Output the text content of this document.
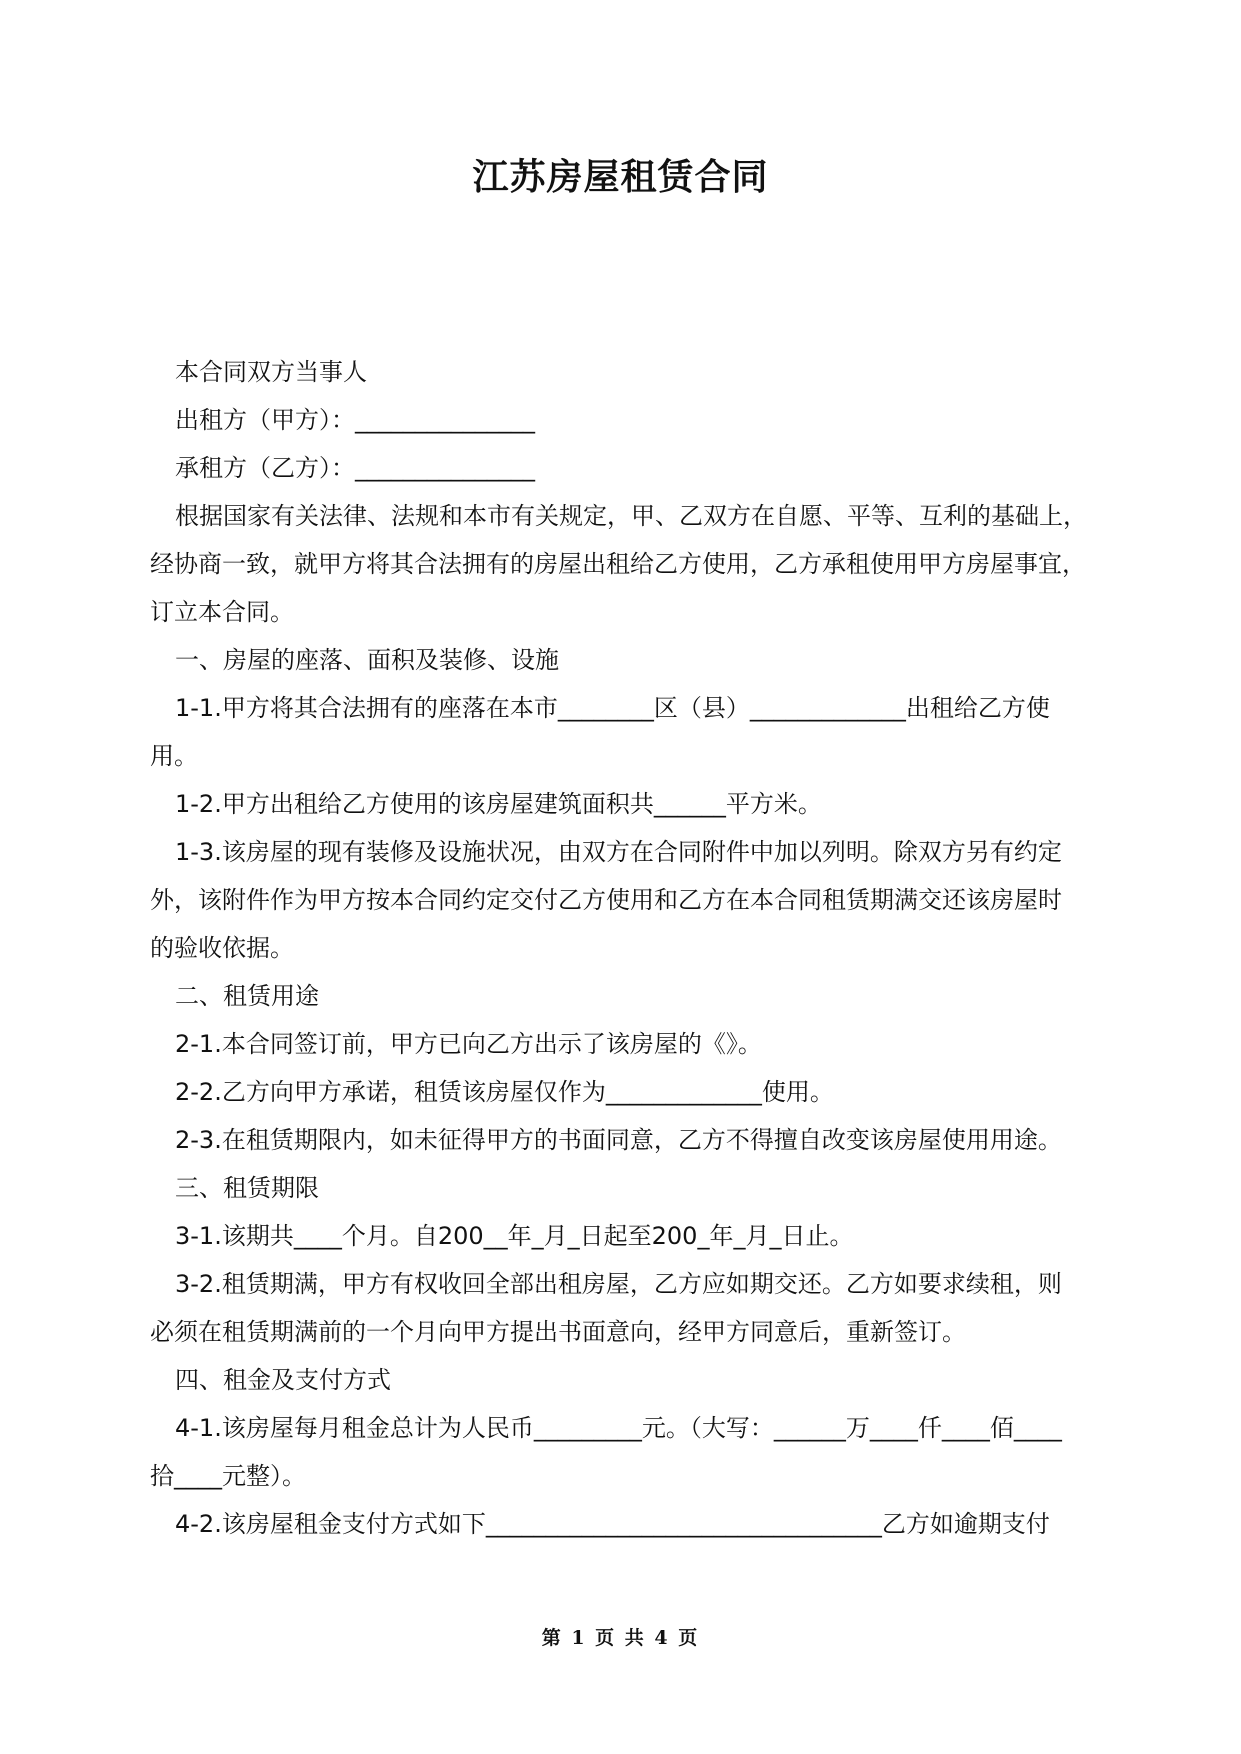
江苏房屋租赁合同
本合同双方当事人
出租方（甲方）：_______________
承租方（乙方）：_______________
根据国家有关法律、法规和本市有关规定，甲、乙双方在自愿、平等、互利的基础上，
经协商一致，就甲方将其合法拥有的房屋出租给乙方使用，乙方承租使用甲方房屋事宜，
订立本合同。
一、房屋的座落、面积及装修、设施
1-1.甲方将其合法拥有的座落在本市________区（县）_____________出租给乙方使
用。
1-2.甲方出租给乙方使用的该房屋建筑面积共______平方米。
1-3.该房屋的现有装修及设施状况，由双方在合同附件中加以列明。除双方另有约定
外，该附件作为甲方按本合同约定交付乙方使用和乙方在本合同租赁期满交还该房屋时
的验收依据。
二、租赁用途
2-1.本合同签订前，甲方已向乙方出示了该房屋的《》。
2-2.乙方向甲方承诺，租赁该房屋仅作为_____________使用。
2-3.在租赁期限内，如未征得甲方的书面同意，乙方不得擅自改变该房屋使用用途。
三、租赁期限
3-1.该期共____个月。自200__年_月_日起至200_年_月_日止。
3-2.租赁期满，甲方有权收回全部出租房屋，乙方应如期交还。乙方如要求续租，则
必须在租赁期满前的一个月向甲方提出书面意向，经甲方同意后，重新签订。
四、租金及支付方式
4-1.该房屋每月租金总计为人民币_________元。（大写：______万____仟____佰____
拾____元整）。
4-2.该房屋租金支付方式如下_________________________________乙方如逾期支付
第 1 页 共 4 页
